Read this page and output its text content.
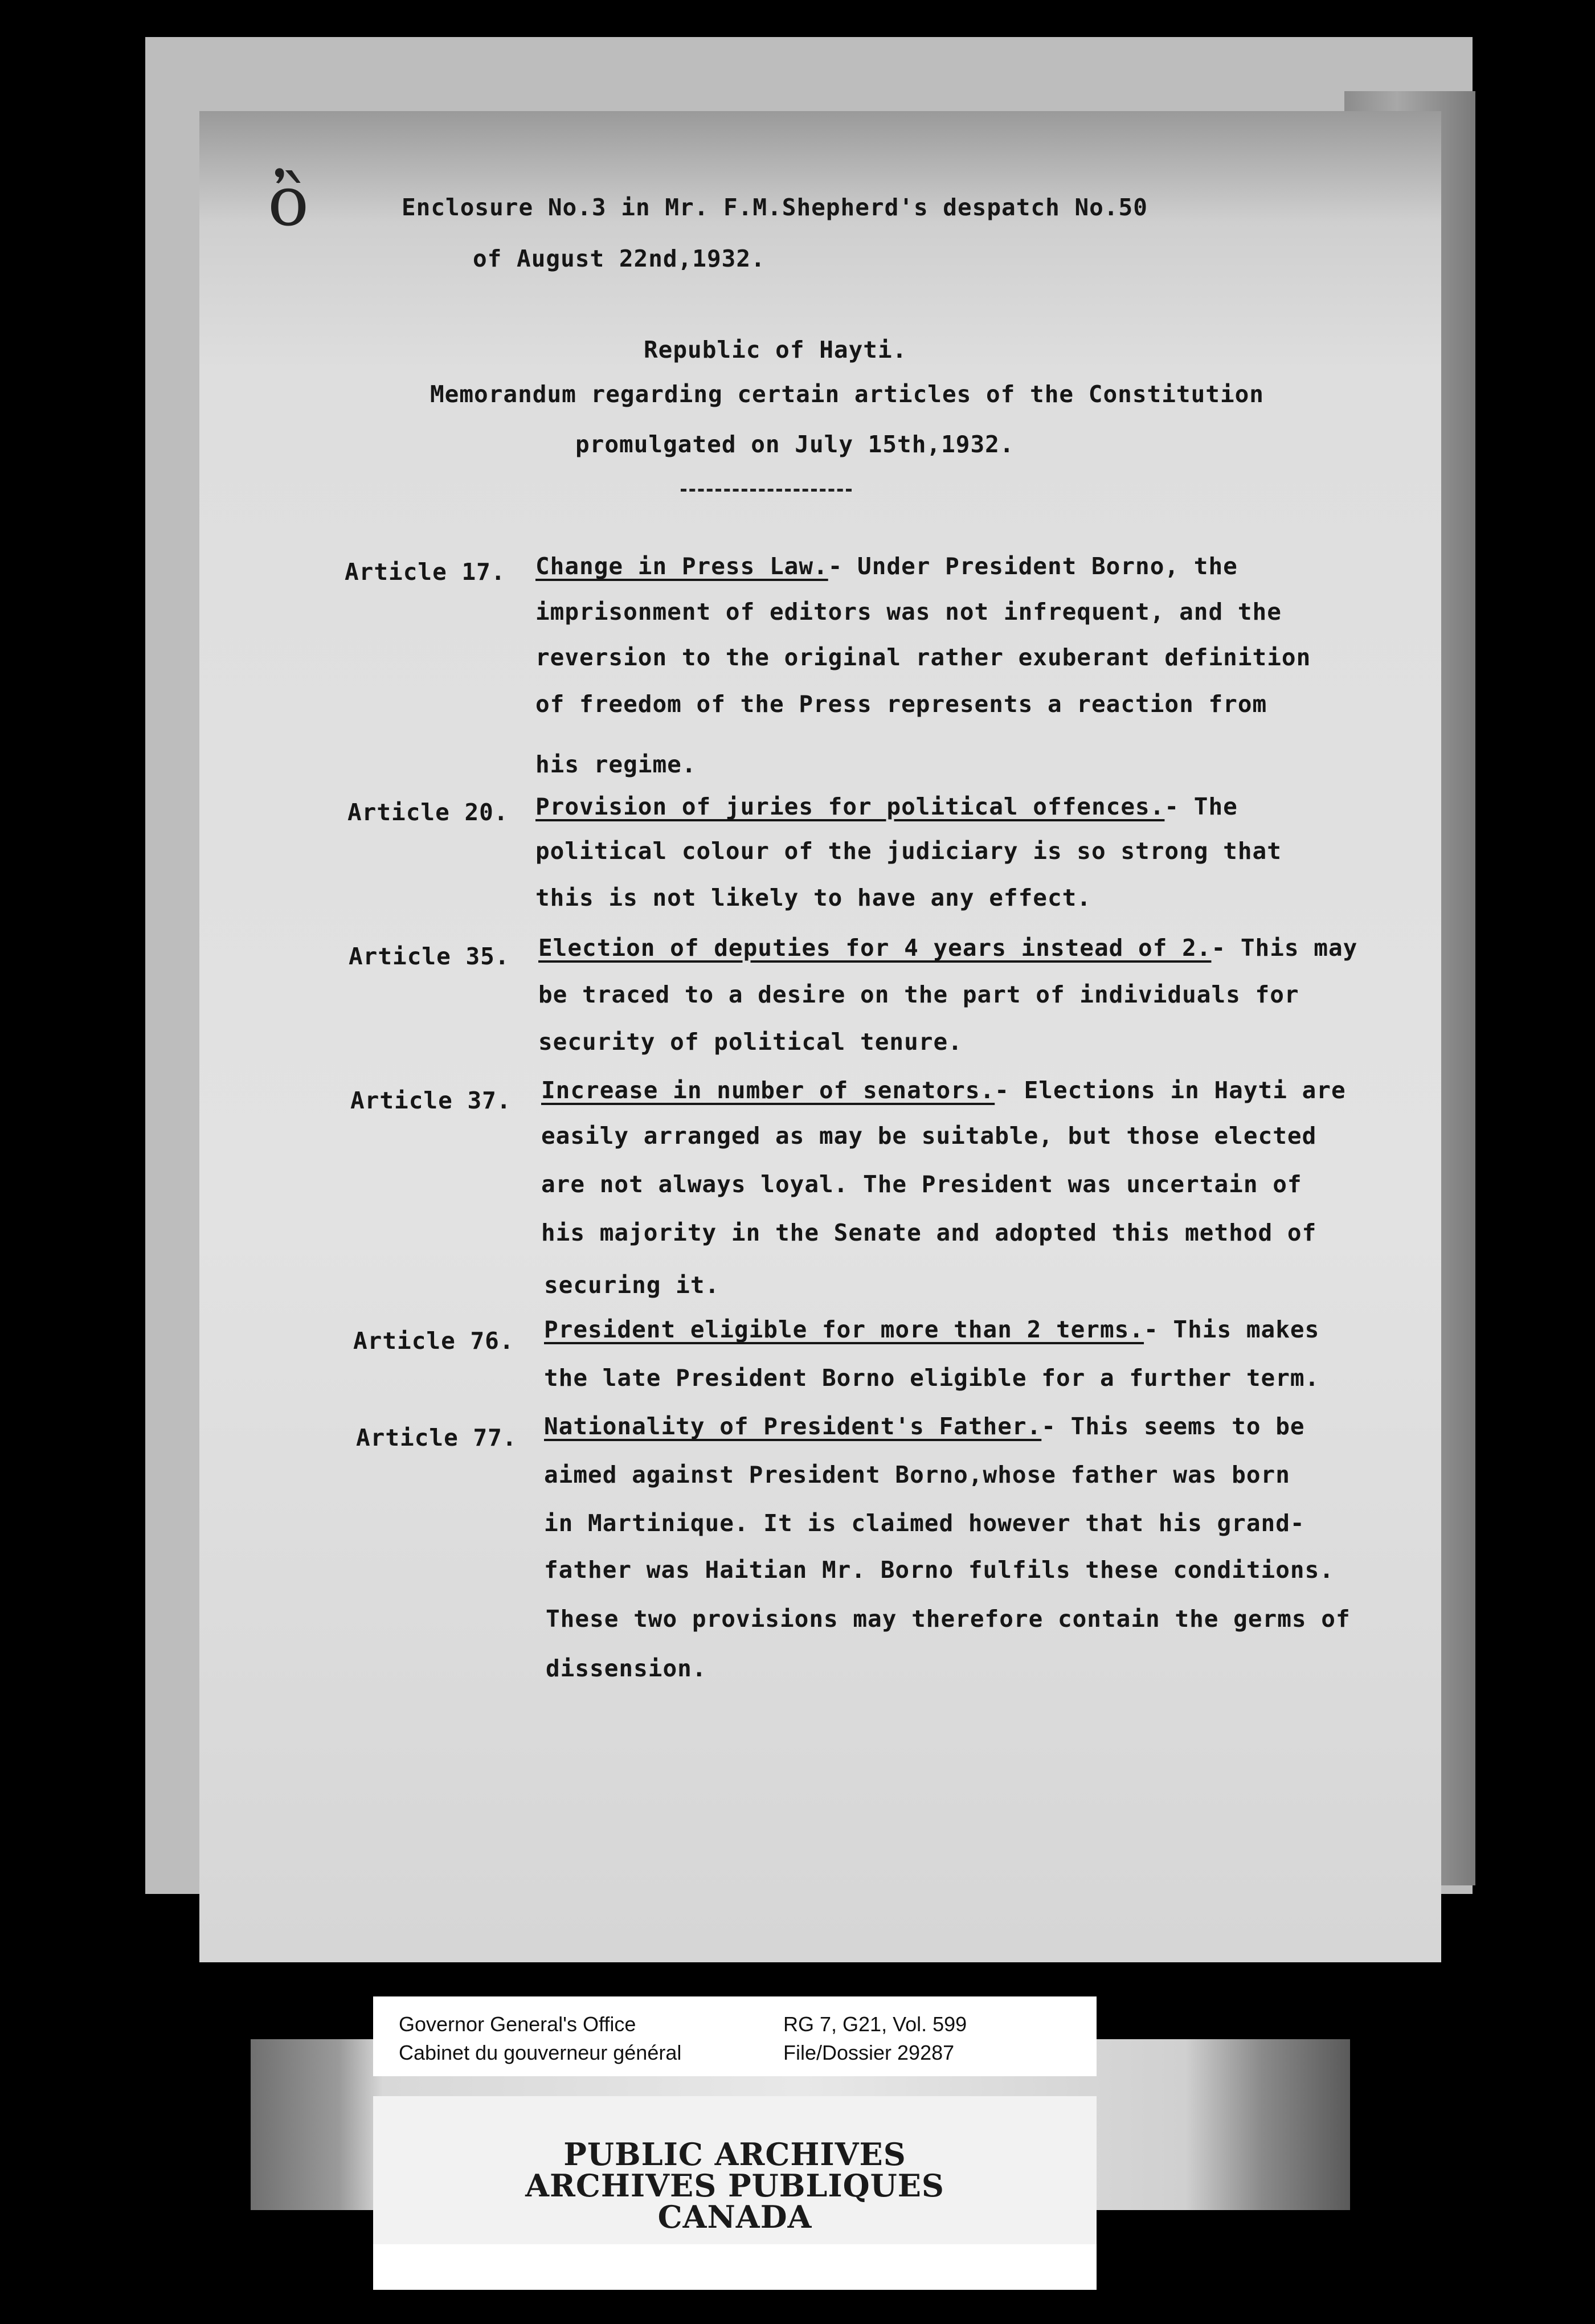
ὂ	Enclosure No.3 in Mr. F.M.Shepherd's despatch No.50
of August 22nd,1932.
Republic of Hayti.
Memorandum regarding certain articles of the Constitution
promulgated on July 15th,1932.
Article 17. Change in Press Law.- Under President Borno, the
imprisonment of editors was not infrequent, and the
reversion to the original rather exuberant definition
of freedom of the Press represents a reaction from
his regime.
Article 20. Provision of juries for political offences.- The
political colour of the judiciary is so strong that
this is not likely to have any effect.
Article 35. Election of deputies for 4 years instead of 2.- This may
be traced to a desire on the part of individuals for
security of political tenure.
Article 37. Increase in number of senators.- Elections in Hayti are
easily arranged as may be suitable, but those elected
are not always loyal. The President was uncertain of
his majority in the Senate and adopted this method of
securing it.
Article 76. President eligible for more than 2 terms.- This makes
the late President Borno eligible for a further term.
Article 77. Nationality of President's Father.- This seems to be
aimed against President Borno,whose father was born
in Martinique. It is claimed however that his grand-
father was Haitian Mr. Borno fulfils these conditions.
These two provisions may therefore contain the germs of
dissension.
PUBLIC ARCHIVES
ARCHIVES PUBLIQUES
CANADA
Governor General's Office
Cabinet du gouverneur général
RG 7, G21, Vol. 599
File/Dossier 29287
